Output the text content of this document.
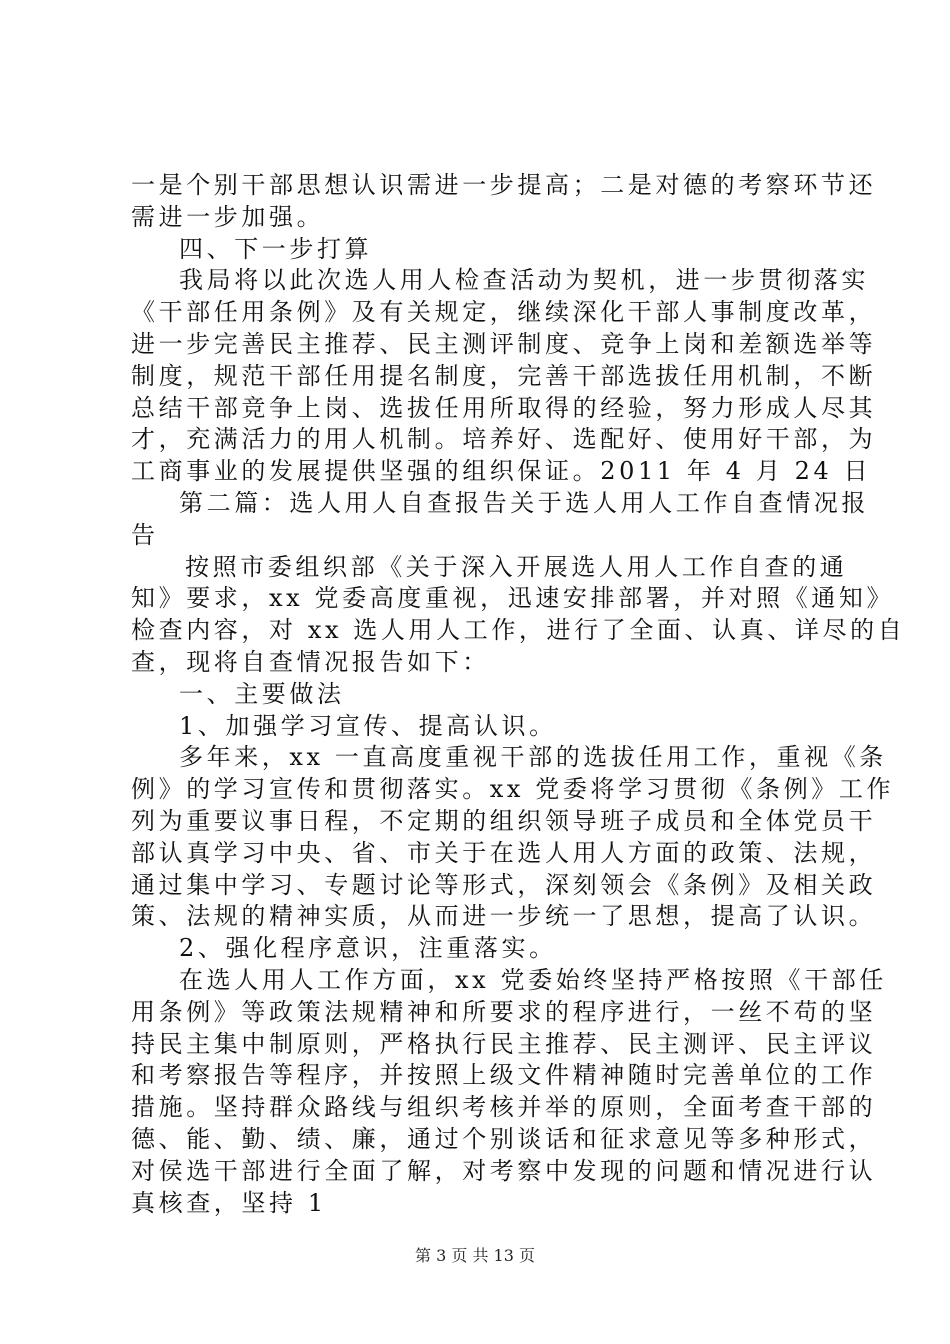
一是个别干部思想认识需进一步提高；二是对德的考察环节还
需进一步加强。
四、下一步打算
我局将以此次选人用人检查活动为契机，进一步贯彻落实
《干部任用条例》及有关规定，继续深化干部人事制度改革，
进一步完善民主推荐、民主测评制度、竞争上岗和差额选举等
制度，规范干部任用提名制度，完善干部选拔任用机制，不断
总结干部竞争上岗、选拔任用所取得的经验，努力形成人尽其
才，充满活力的用人机制。培养好、选配好、使用好干部，为
工商事业的发展提供坚强的组织保证。2011 年 4 月 24 日
第二篇：选人用人自查报告关于选人用人工作自查情况报
告
按照市委组织部《关于深入开展选人用人工作自查的通
知》要求，xx 党委高度重视，迅速安排部署，并对照《通知》
检查内容，对 xx 选人用人工作，进行了全面、认真、详尽的自
查，现将自查情况报告如下：
一、主要做法
1、加强学习宣传、提高认识。
多年来，xx 一直高度重视干部的选拔任用工作，重视《条
例》的学习宣传和贯彻落实。xx 党委将学习贯彻《条例》工作
列为重要议事日程，不定期的组织领导班子成员和全体党员干
部认真学习中央、省、市关于在选人用人方面的政策、法规，
通过集中学习、专题讨论等形式，深刻领会《条例》及相关政
策、法规的精神实质，从而进一步统一了思想，提高了认识。
2、强化程序意识，注重落实。
在选人用人工作方面，xx 党委始终坚持严格按照《干部任
用条例》等政策法规精神和所要求的程序进行，一丝不苟的坚
持民主集中制原则，严格执行民主推荐、民主测评、民主评议
和考察报告等程序，并按照上级文件精神随时完善单位的工作
措施。坚持群众路线与组织考核并举的原则，全面考查干部的
德、能、勤、绩、廉，通过个别谈话和征求意见等多种形式，
对侯选干部进行全面了解，对考察中发现的问题和情况进行认
真核查，坚持 1
第 3 页 共 13 页
